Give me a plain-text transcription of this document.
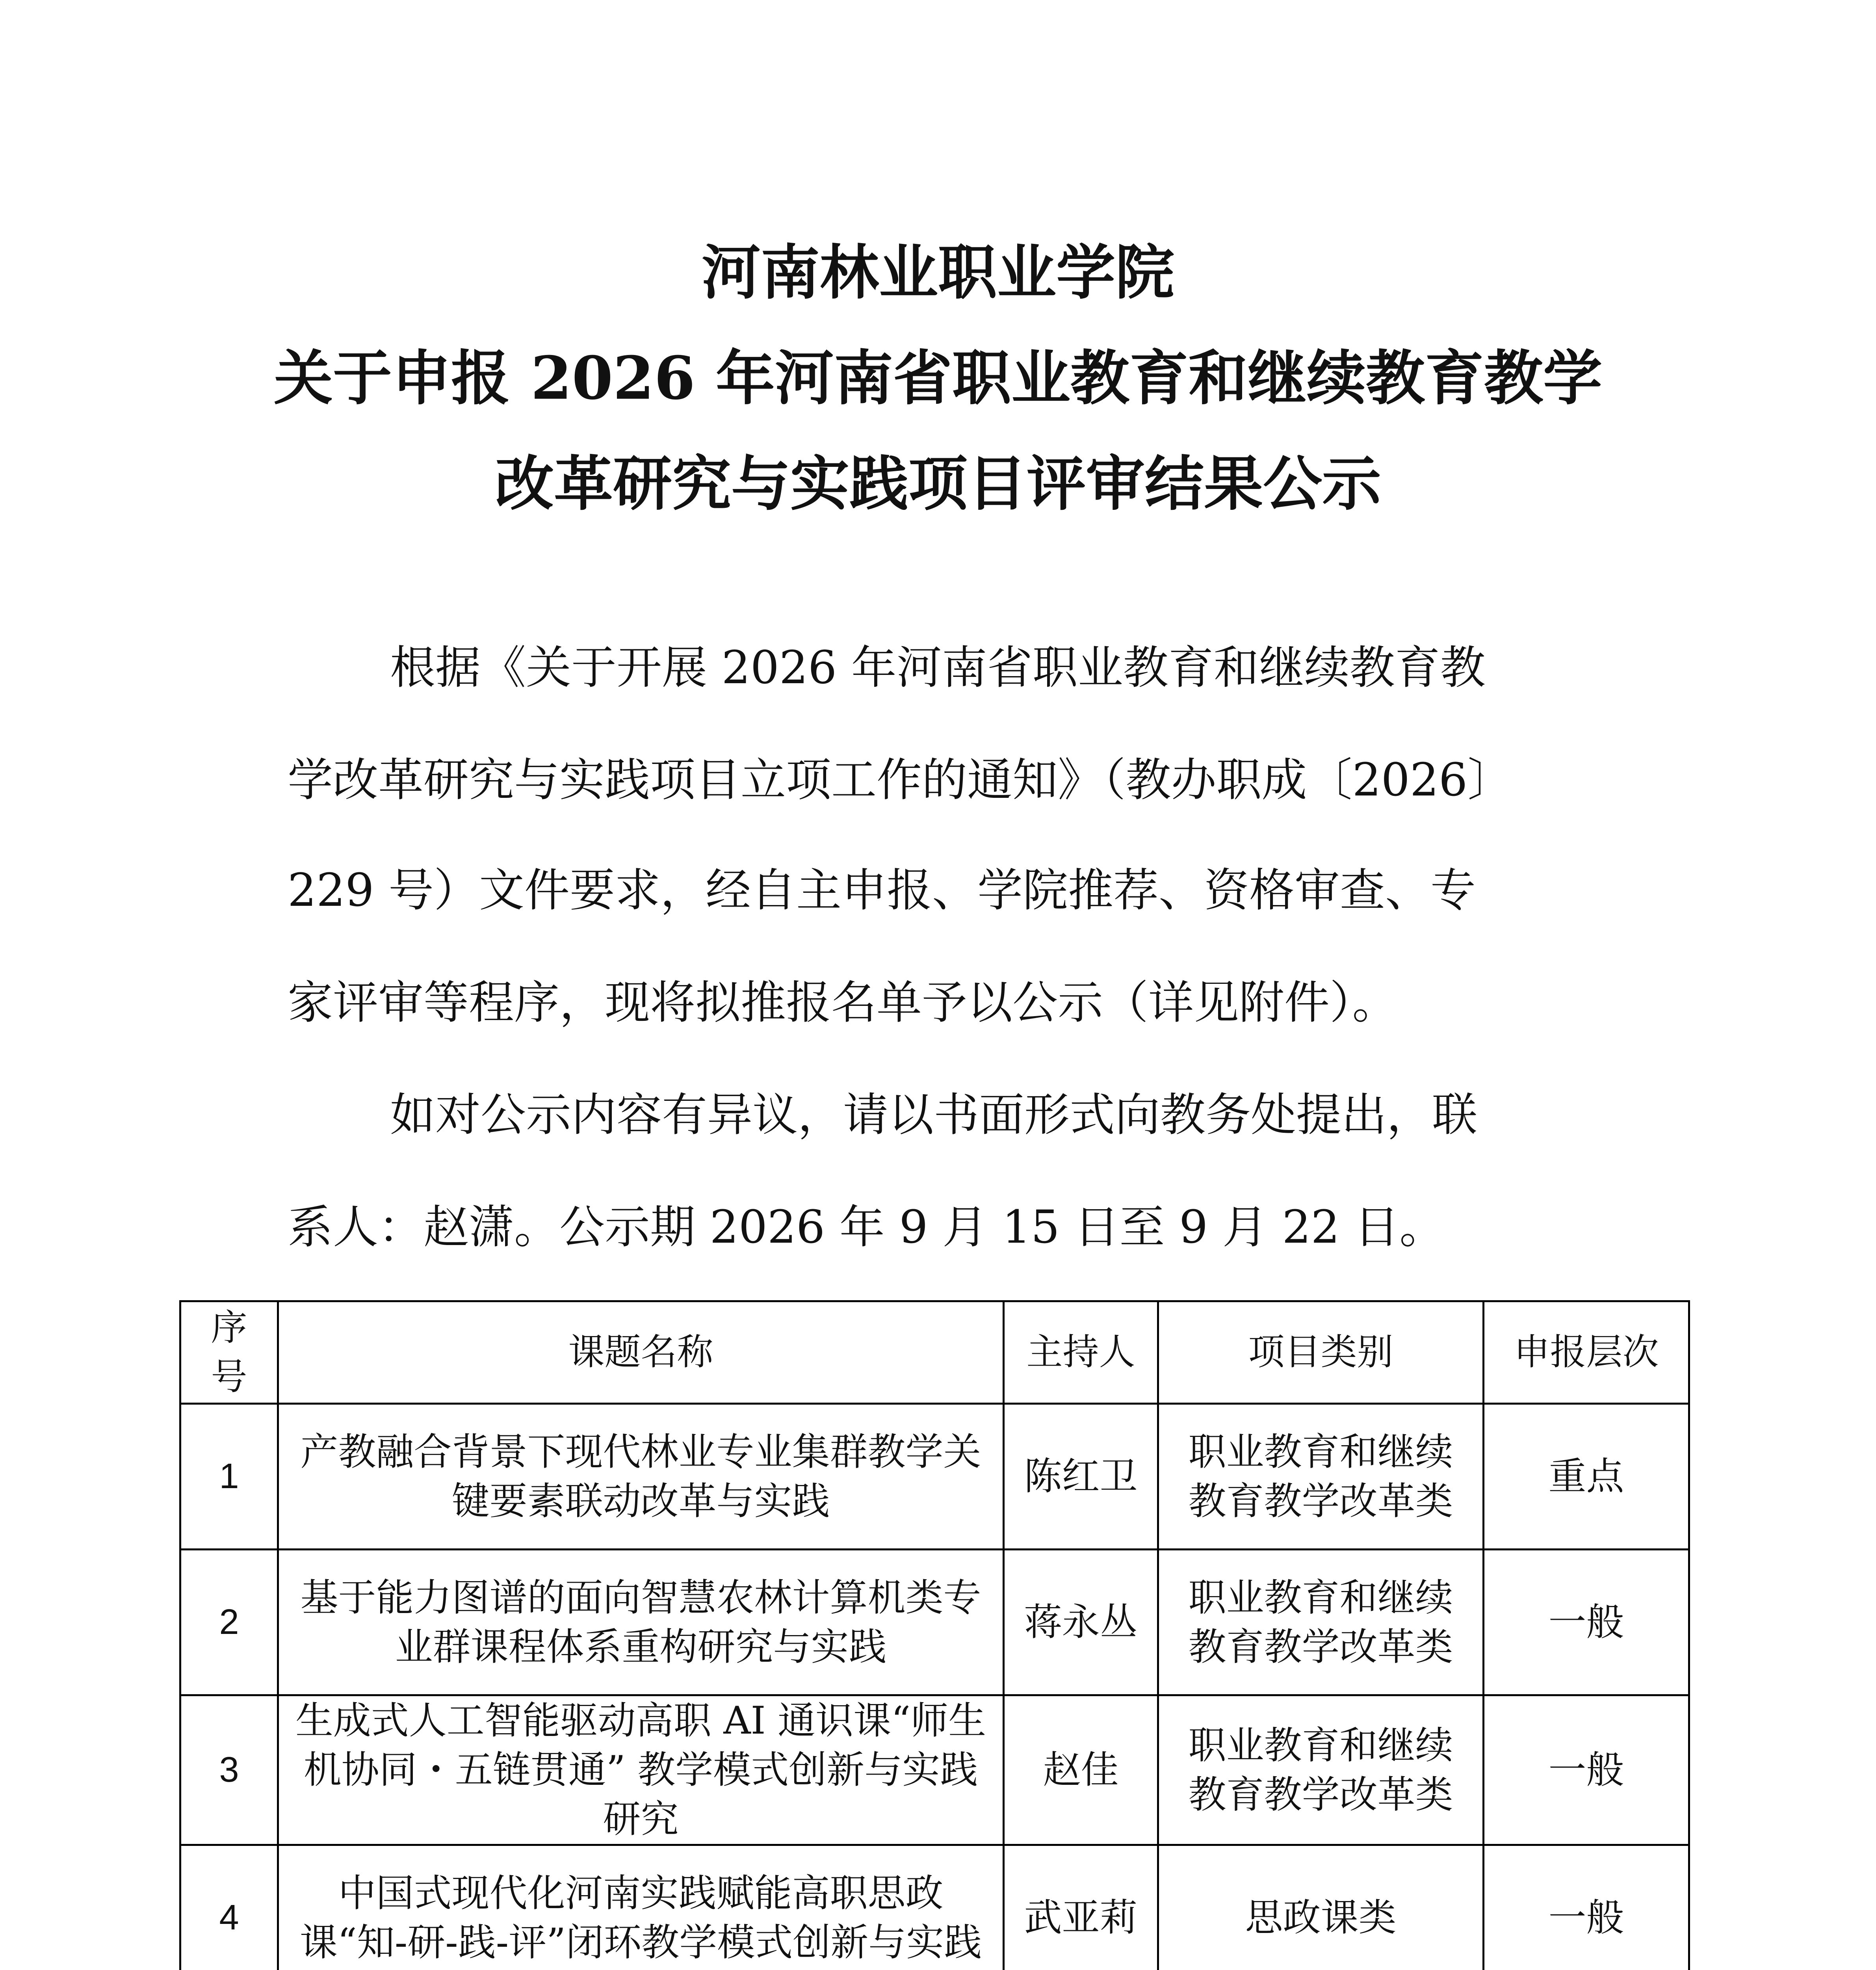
河南林业职业学院
关于申报 2026 年河南省职业教育和继续教育教学
改革研究与实践项目评审结果公示
根据《关于开展 2026 年河南省职业教育和继续教育教
学改革研究与实践项目立项工作的通知》（教办职成〔2026〕
229 号）文件要求，经自主申报、学院推荐、资格审查、专
家评审等程序，现将拟推报名单予以公示（详见附件）。
如对公示内容有异议，请以书面形式向教务处提出，联
系人：赵潇。公示期 2026 年 9 月 15 日至 9 月 22 日。
序号	课题名称	主持人	项目类别	申报层次
1	产教融合背景下现代林业专业集群教学关键要素联动改革与实践	陈红卫	职业教育和继续教育教学改革类	重点
2	基于能力图谱的面向智慧农林计算机类专业群课程体系重构研究与实践	蒋永丛	职业教育和继续教育教学改革类	一般
3	生成式人工智能驱动高职 AI 通识课“师生机协同・五链贯通” 教学模式创新与实践研究	赵佳	职业教育和继续教育教学改革类	一般
4	中国式现代化河南实践赋能高职思政课“知-研-践-评”闭环教学模式创新与实践	武亚莉	思政课类	一般
